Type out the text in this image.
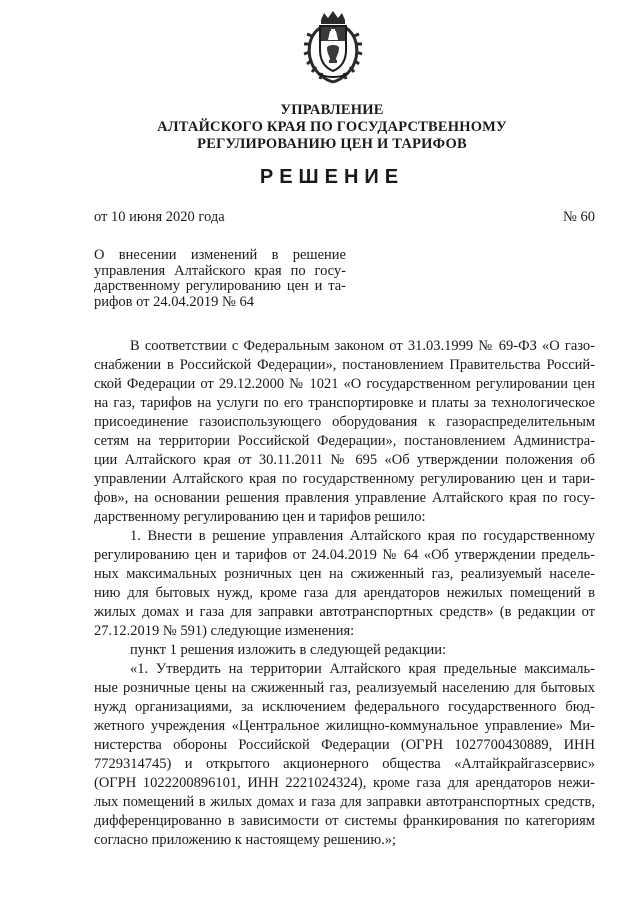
УПРАВЛЕНИЕ
АЛТАЙСКОГО КРАЯ ПО ГОСУДАРСТВЕННОМУ
РЕГУЛИРОВАНИЮ ЦЕН И ТАРИФОВ
РЕШЕНИЕ
от 10 июня 2020 года	№ 60
О внесении изменений в решение
управления Алтайского края по госу-
дарственному регулированию цен и та-
рифов от 24.04.2019 № 64
В соответствии с Федеральным законом от 31.03.1999 № 69-ФЗ «О газо-
снабжении в Российской Федерации», постановлением Правительства Россий-
ской Федерации от 29.12.2000 № 1021 «О государственном регулировании цен
на газ, тарифов на услуги по его транспортировке и платы за технологическое
присоединение газоиспользующего оборудования к газораспределительным
сетям на территории Российской Федерации», постановлением Администра-
ции Алтайского края от 30.11.2011 № 695 «Об утверждении положения об
управлении Алтайского края по государственному регулированию цен и тари-
фов», на основании решения правления управление Алтайского края по госу-
дарственному регулированию цен и тарифов решило:
1. Внести в решение управления Алтайского края по государственному
регулированию цен и тарифов от 24.04.2019 № 64 «Об утверждении предель-
ных максимальных розничных цен на сжиженный газ, реализуемый населе-
нию для бытовых нужд, кроме газа для арендаторов нежилых помещений в
жилых домах и газа для заправки автотранспортных средств» (в редакции от
27.12.2019 № 591) следующие изменения:
пункт 1 решения изложить в следующей редакции:
«1. Утвердить на территории Алтайского края предельные максималь-
ные розничные цены на сжиженный газ, реализуемый населению для бытовых
нужд организациями, за исключением федерального государственного бюд-
жетного учреждения «Центральное жилищно-коммунальное управление» Ми-
нистерства обороны Российской Федерации (ОГРН 1027700430889, ИНН
7729314745) и открытого акционерного общества «Алтайкрайгазсервис»
(ОГРН 1022200896101, ИНН 2221024324), кроме газа для арендаторов нежи-
лых помещений в жилых домах и газа для заправки автотранспортных средств,
дифференцированно в зависимости от системы франкирования по категориям
согласно приложению к настоящему решению.»;
